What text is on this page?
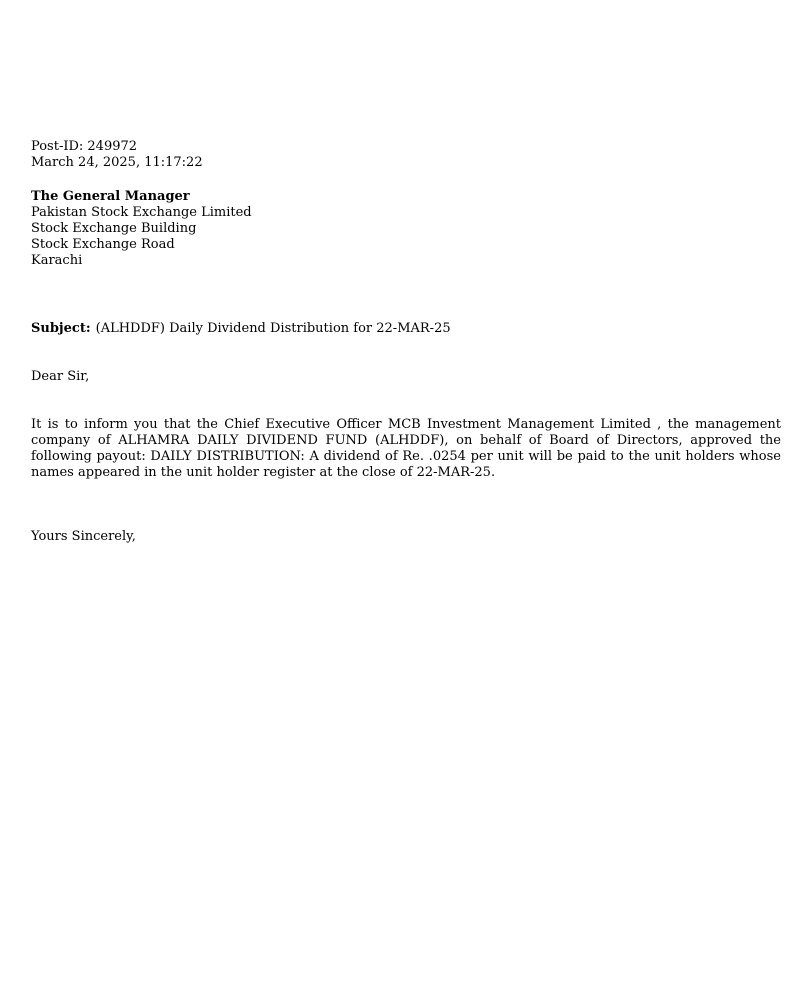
Post-ID: 249972
March 24, 2025, 11:17:22
The General Manager
Pakistan Stock Exchange Limited
Stock Exchange Building
Stock Exchange Road
Karachi
Subject: (ALHDDF) Daily Dividend Distribution for 22-MAR-25
Dear Sir,
It is to inform you that the Chief Executive Officer MCB Investment Management Limited , the management company of ALHAMRA DAILY DIVIDEND FUND (ALHDDF), on behalf of Board of Directors, approved the following payout: DAILY DISTRIBUTION: A dividend of Re. .0254 per unit will be paid to the unit holders whose names appeared in the unit holder register at the close of 22-MAR-25.
Yours Sincerely,
